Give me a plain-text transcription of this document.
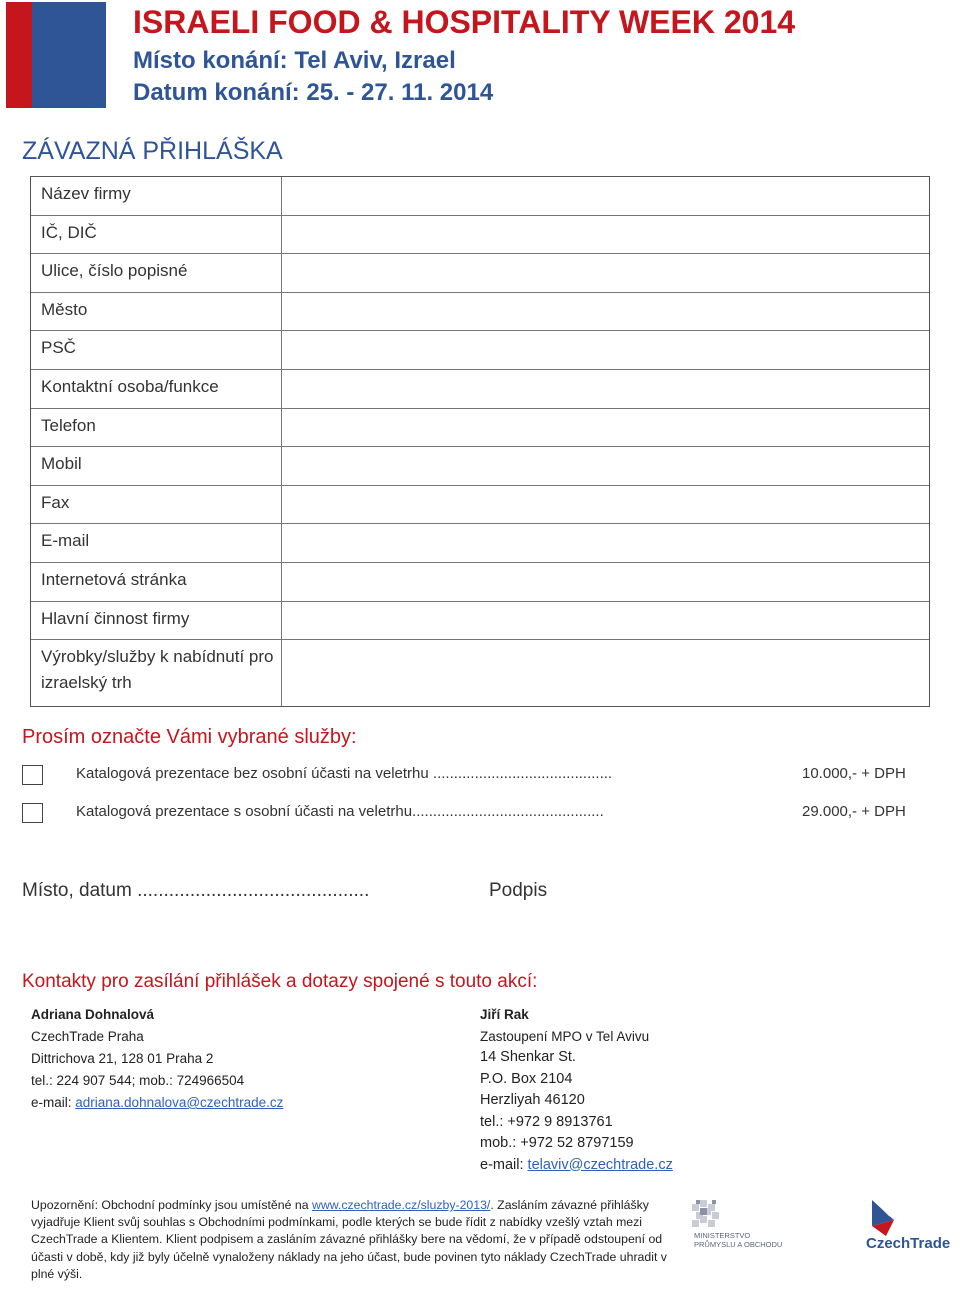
ISRAELI FOOD & HOSPITALITY WEEK 2014
Místo konání: Tel Aviv, Izrael
Datum konání: 25. - 27. 11. 2014
ZÁVAZNÁ PŘIHLÁŠKA
Název firmy
IČ, DIČ
Ulice, číslo popisné
Město
PSČ
Kontaktní osoba/funkce
Telefon
Mobil
Fax
E-mail
Internetová stránka
Hlavní činnost firmy
Výrobky/služby k nabídnutí pro izraelský trh
Prosím označte Vámi vybrané služby:
Katalogová prezentace bez osobní účasti na veletrhu ...........................................	10.000,- + DPH
Katalogová prezentace s osobní účasti na veletrhu..............................................	29.000,- + DPH
Místo, datum ............................................	Podpis
Kontakty pro zasílání přihlášek a dotazy spojené s touto akcí:
Adriana Dohnalová
CzechTrade Praha
Dittrichova 21, 128 01 Praha 2
tel.: 224 907 544; mob.: 724966504
e-mail: adriana.dohnalova@czechtrade.cz
Jiří Rak
Zastoupení MPO v Tel Avivu
14 Shenkar St.
P.O. Box 2104
Herzliyah 46120
tel.: +972 9 8913761
mob.: +972 52 8797159
e-mail: telaviv@czechtrade.cz
Upozornění: Obchodní podmínky jsou umístěné na www.czechtrade.cz/sluzby-2013/. Zasláním závazné přihlášky vyjadřuje Klient svůj souhlas s Obchodními podmínkami, podle kterých se bude řídit z nabídky vzešlý vztah mezi CzechTrade a Klientem. Klient podpisem a zasláním závazné přihlášky bere na vědomí, že v případě odstoupení od účasti v době, kdy již byly účelně vynaloženy náklady na jeho účast, bude povinen tyto náklady CzechTrade uhradit v plné výši.
MINISTERSTVO
PRŮMYSLU A OBCHODU	CzechTrade
